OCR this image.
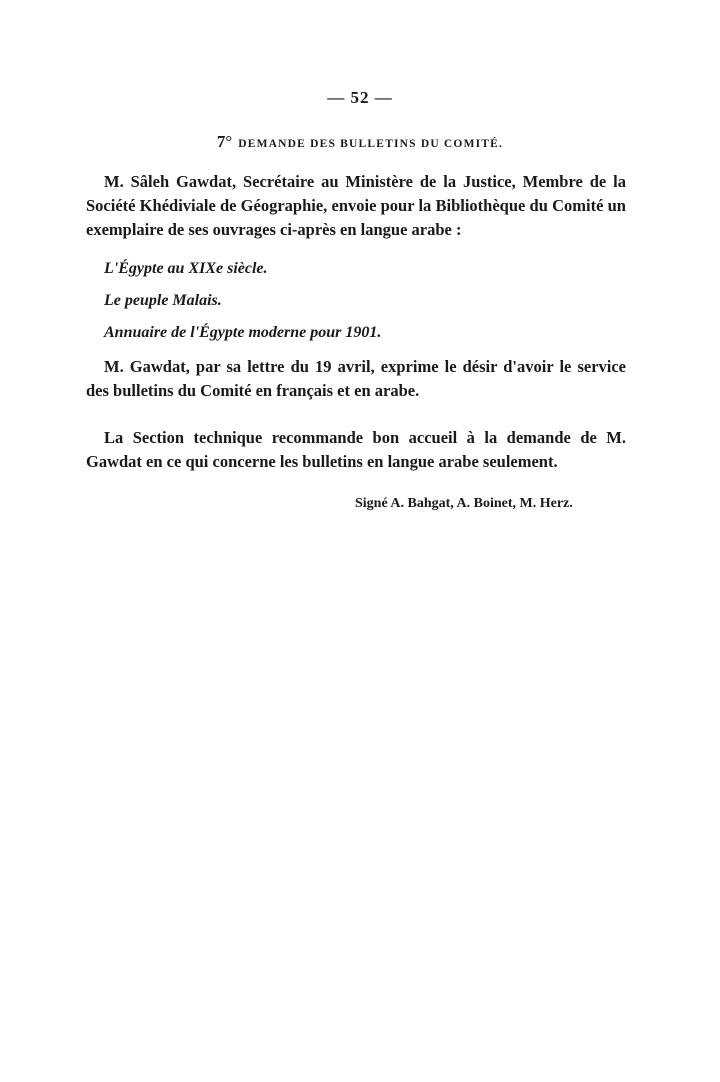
— 52 —
7° DEMANDE DES BULLETINS DU COMITÉ.

M. Sâleh Gawdat, Secrétaire au Ministère de la Justice, Membre de la Société Khédiviale de Géographie, envoie pour la Bibliothèque du Comité un exemplaire de ses ouvrages ci-après en langue arabe :

L'Égypte au XIXe siècle.
Le peuple Malais.
Annuaire de l'Égypte moderne pour 1901.

M. Gawdat, par sa lettre du 19 avril, exprime le désir d'avoir le service des bulletins du Comité en français et en arabe.

La Section technique recommande bon accueil à la demande de M. Gawdat en ce qui concerne les bulletins en langue arabe seulement.

Signé A. Bahgat, A. Boinet, M. Herz.
